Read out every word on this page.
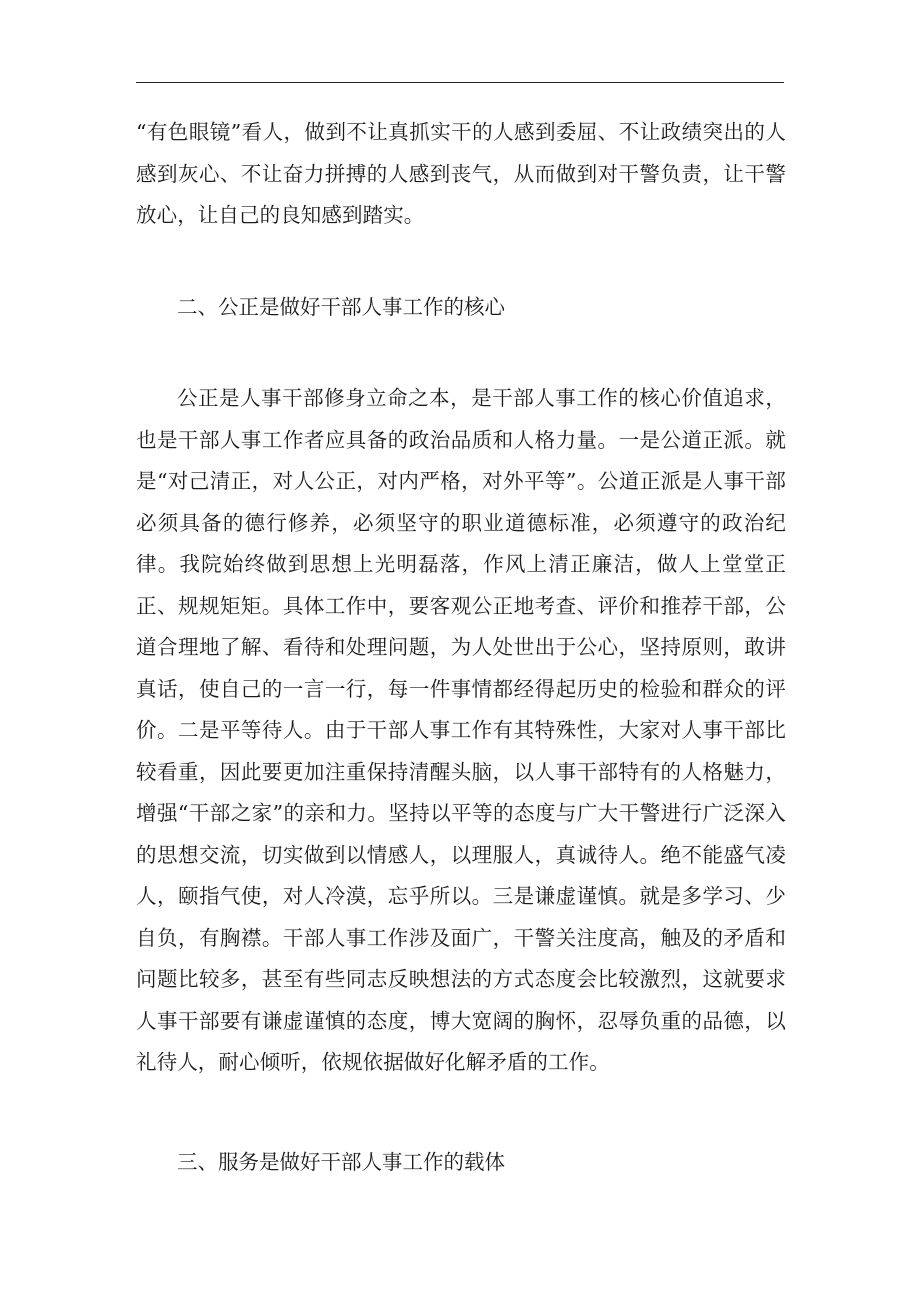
“有色眼镜”看人，做到不让真抓实干的人感到委屈、不让政绩突出的人感到灰心、不让奋力拼搏的人感到丧气，从而做到对干警负责，让干警放心，让自己的良知感到踏实。

二、公正是做好干部人事工作的核心

公正是人事干部修身立命之本，是干部人事工作的核心价值追求，也是干部人事工作者应具备的政治品质和人格力量。一是公道正派。就是“对己清正，对人公正，对内严格，对外平等”。公道正派是人事干部必须具备的德行修养，必须坚守的职业道德标准，必须遵守的政治纪律。我院始终做到思想上光明磊落，作风上清正廉洁，做人上堂堂正正、规规矩矩。具体工作中，要客观公正地考查、评价和推荐干部，公道合理地了解、看待和处理问题，为人处世出于公心，坚持原则，敢讲真话，使自己的一言一行，每一件事情都经得起历史的检验和群众的评价。二是平等待人。由于干部人事工作有其特殊性，大家对人事干部比较看重，因此要更加注重保持清醒头脑，以人事干部特有的人格魅力，增强“干部之家”的亲和力。坚持以平等的态度与广大干警进行广泛深入的思想交流，切实做到以情感人，以理服人，真诚待人。绝不能盛气凌人，颐指气使，对人冷漠，忘乎所以。三是谦虚谨慎。就是多学习、少自负，有胸襟。干部人事工作涉及面广，干警关注度高，触及的矛盾和问题比较多，甚至有些同志反映想法的方式态度会比较激烈，这就要求人事干部要有谦虚谨慎的态度，博大宽阔的胸怀，忍辱负重的品德，以礼待人，耐心倾听，依规依据做好化解矛盾的工作。

三、服务是做好干部人事工作的载体
